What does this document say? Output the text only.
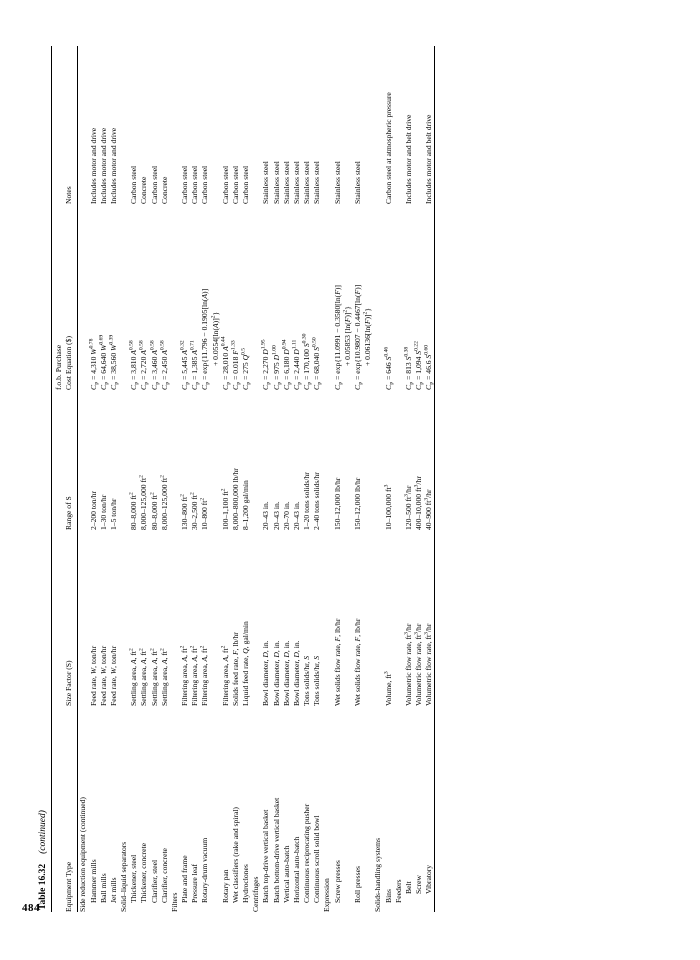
484
Table 16.32(continued)
Equipment Type	Size Factor (S)	Range of S	f.o.b. Purchase
Cost Equation ($)	Notes
Side reduction equipment (continued)				
Hammer mills	Feed rate, W, ton/hr	2–200 ton/hr	$C_P = 4,310$ $W^{0.78}$	Includes motor and drive
Ball mills	Feed rate, W, ton/hr	1–30 ton/hr	$C_P = 64,640$ $W^{0.69}$	Includes motor and drive
Jet mills	Feed rate, W, ton/hr	1–5 ton/hr	$C_P = 38,560$ $W^{0.39}$	Includes motor and drive
Solid–liquid separators				
Thickener, steel	Settling area, A, $ft^2$	80–8,000 $ft^2$	$C_P = 3,810$ $A^{0.58}$	Carbon steel
Thickener, concrete	Settling area, A, $ft^2$	8,000–125,000 $ft^2$	$C_P = 2,720$ $A^{0.58}$	Concrete
Clarifier, steel	Settling area, A, $ft^2$	80–8,000 $ft^2$	$C_P = 3,460$ $A^{0.58}$	Carbon steel
Clarifier, concrete	Settling area, A, $ft^2$	8,000–125,000 $ft^2$	$C_P = 2,450$ $A^{0.58}$	Concrete
Filters				
Plate and frame	Filtering area, A, $ft^2$	130–800 $ft^2$	$C_P = 5,445$ $A^{0.32}$	Carbon steel
Pressure leaf	Filtering area, A, $ft^2$	30–2,500 $ft^2$	$C_P = 1,385$ $A^{0.71}$	Carbon steel
Rotary-drum vacuum	Filtering area, A, $ft^2$	10–800 $ft^2$	$C_P = \exp\{11.796 - 0.1905[\ln(A)]$
+ $0.0554[\ln(A)]^2$}	Carbon steel
Rotary pan	Filtering area, A, $ft^2$	100–1,100 $ft^2$	$C_P = 28,010$ $A^{0.44}$	Carbon steel
Wet classifiers (rake and spiral)	Solids feed rate, F, lb/hr	8,000–800,000 lb/hr	$C_P = 0.018$ $F^{1.33}$	Carbon steel
Hydroclones	Liquid feed rate, Q, gal/min	8–1,200 gal/min	$C_P = 275$ $Q^{0.5}$	Carbon steel
Centrifuges				
Batch top-drive vertical basket	Bowl diameter, D, in.	20–43 in.	$C_P = 2,270$ $D^{1.95}$	Stainless steel
Batch bottom-drive vertical basket	Bowl diameter, D, in.	20–43 in.	$C_P = 975$ $D^{1.00}$	Stainless steel
Vertical auto-batch	Bowl diameter, D, in.	20–70 in.	$C_P = 6,180$ $D^{0.94}$	Stainless steel
Horizontal auto-batch	Bowl diameter, D, in.	20–43 in.	$C_P = 2,440$ $D^{1.11}$	Stainless steel
Continuous reciprocating pusher	Tons solids/hr, S	1–20 tons solids/hr	$C_P = 170,100$ $S^{0.30}$	Stainless steel
Continuous scroll solid bowl	Tons solids/hr, S	2–40 tons solids/hr	$C_P = 68,040$ $S^{0.50}$	Stainless steel
Expression				
Screw presses	Wet solids flow rate, F, lb/hr	150–12,000 lb/hr	$C_P = \exp\{11.0991 - 0.3580[\ln(F)]$
+ 0.05853 $[\ln(F)]^2$}	Stainless steel
Roll presses	Wet solids flow rate, F, lb/hr	150–12,000 lb/hr	$C_P = \exp\{10.9807 - 0.4467[\ln(F)]$
+ $0.06136[\ln(F)]^2$}	Stainless steel
Solids-handling systems				
Bins	Volume, $ft^3$	10–100,000 $ft^3$	$C_P = 646$ $S^{0.46}$	Carbon steel at atmospheric pressure
Feeders				
Belt	Volumetric flow rate, $ft^3/hr$	120–500 $ft^3/hr$	$C_P = 813$ $S^{0.38}$	Includes motor and belt drive
Screw	Volumetric flow rate, $ft^3/hr$	400–10,000 $ft^3/hr$	$C_P = 1,094$ $S^{0.22}$	
Vibratory	Volumetric flow rate, $ft^3/hr$	40–900 $ft^3/hr$	$C_P = 46.6$ $S^{0.60}$	Includes motor and belt drive
